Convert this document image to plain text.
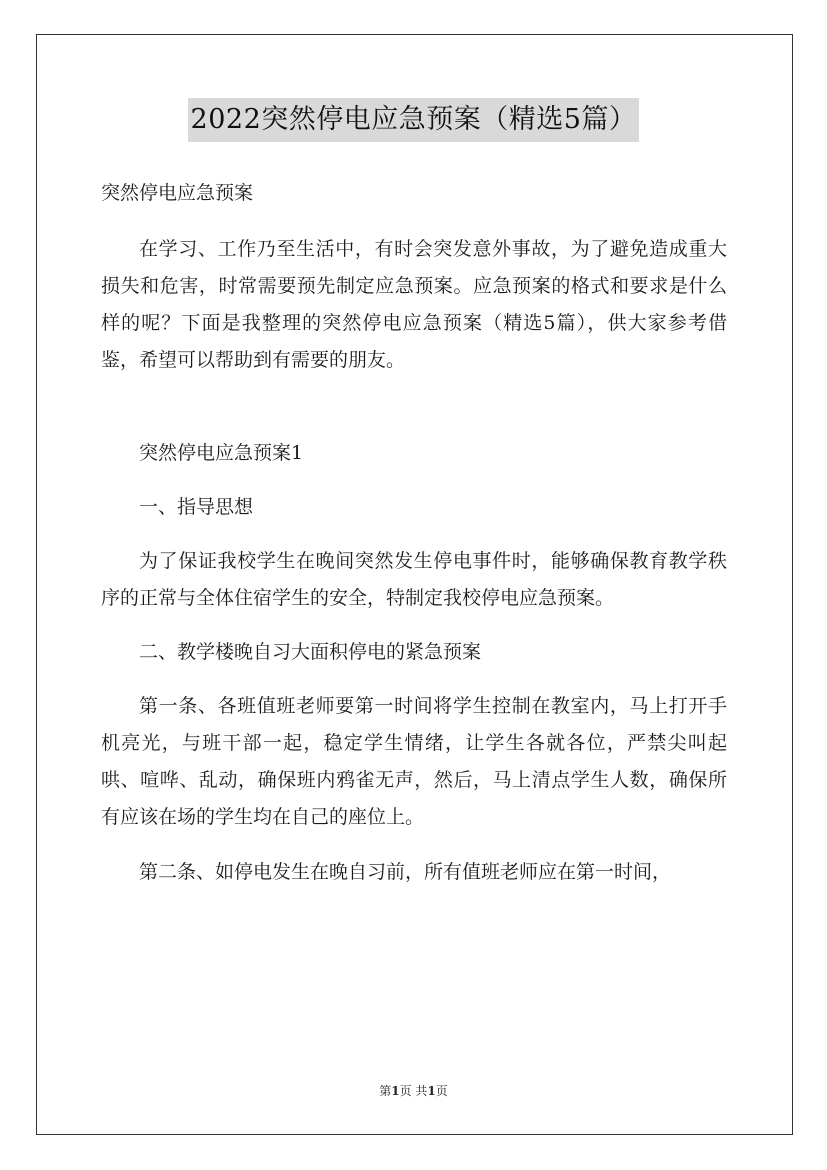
2022突然停电应急预案（精选5篇）

突然停电应急预案

在学习、工作乃至生活中，有时会突发意外事故，为了避免造成重大损失和危害，时常需要预先制定应急预案。应急预案的格式和要求是什么样的呢？下面是我整理的突然停电应急预案（精选5篇），供大家参考借鉴，希望可以帮助到有需要的朋友。

突然停电应急预案1

一、指导思想

为了保证我校学生在晚间突然发生停电事件时，能够确保教育教学秩序的正常与全体住宿学生的安全，特制定我校停电应急预案。

二、教学楼晚自习大面积停电的紧急预案

第一条、各班值班老师要第一时间将学生控制在教室内，马上打开手机亮光，与班干部一起，稳定学生情绪，让学生各就各位，严禁尖叫起哄、喧哗、乱动，确保班内鸦雀无声，然后，马上清点学生人数，确保所有应该在场的学生均在自己的座位上。

第二条、如停电发生在晚自习前，所有值班老师应在第一时间，

第1页 共1页
